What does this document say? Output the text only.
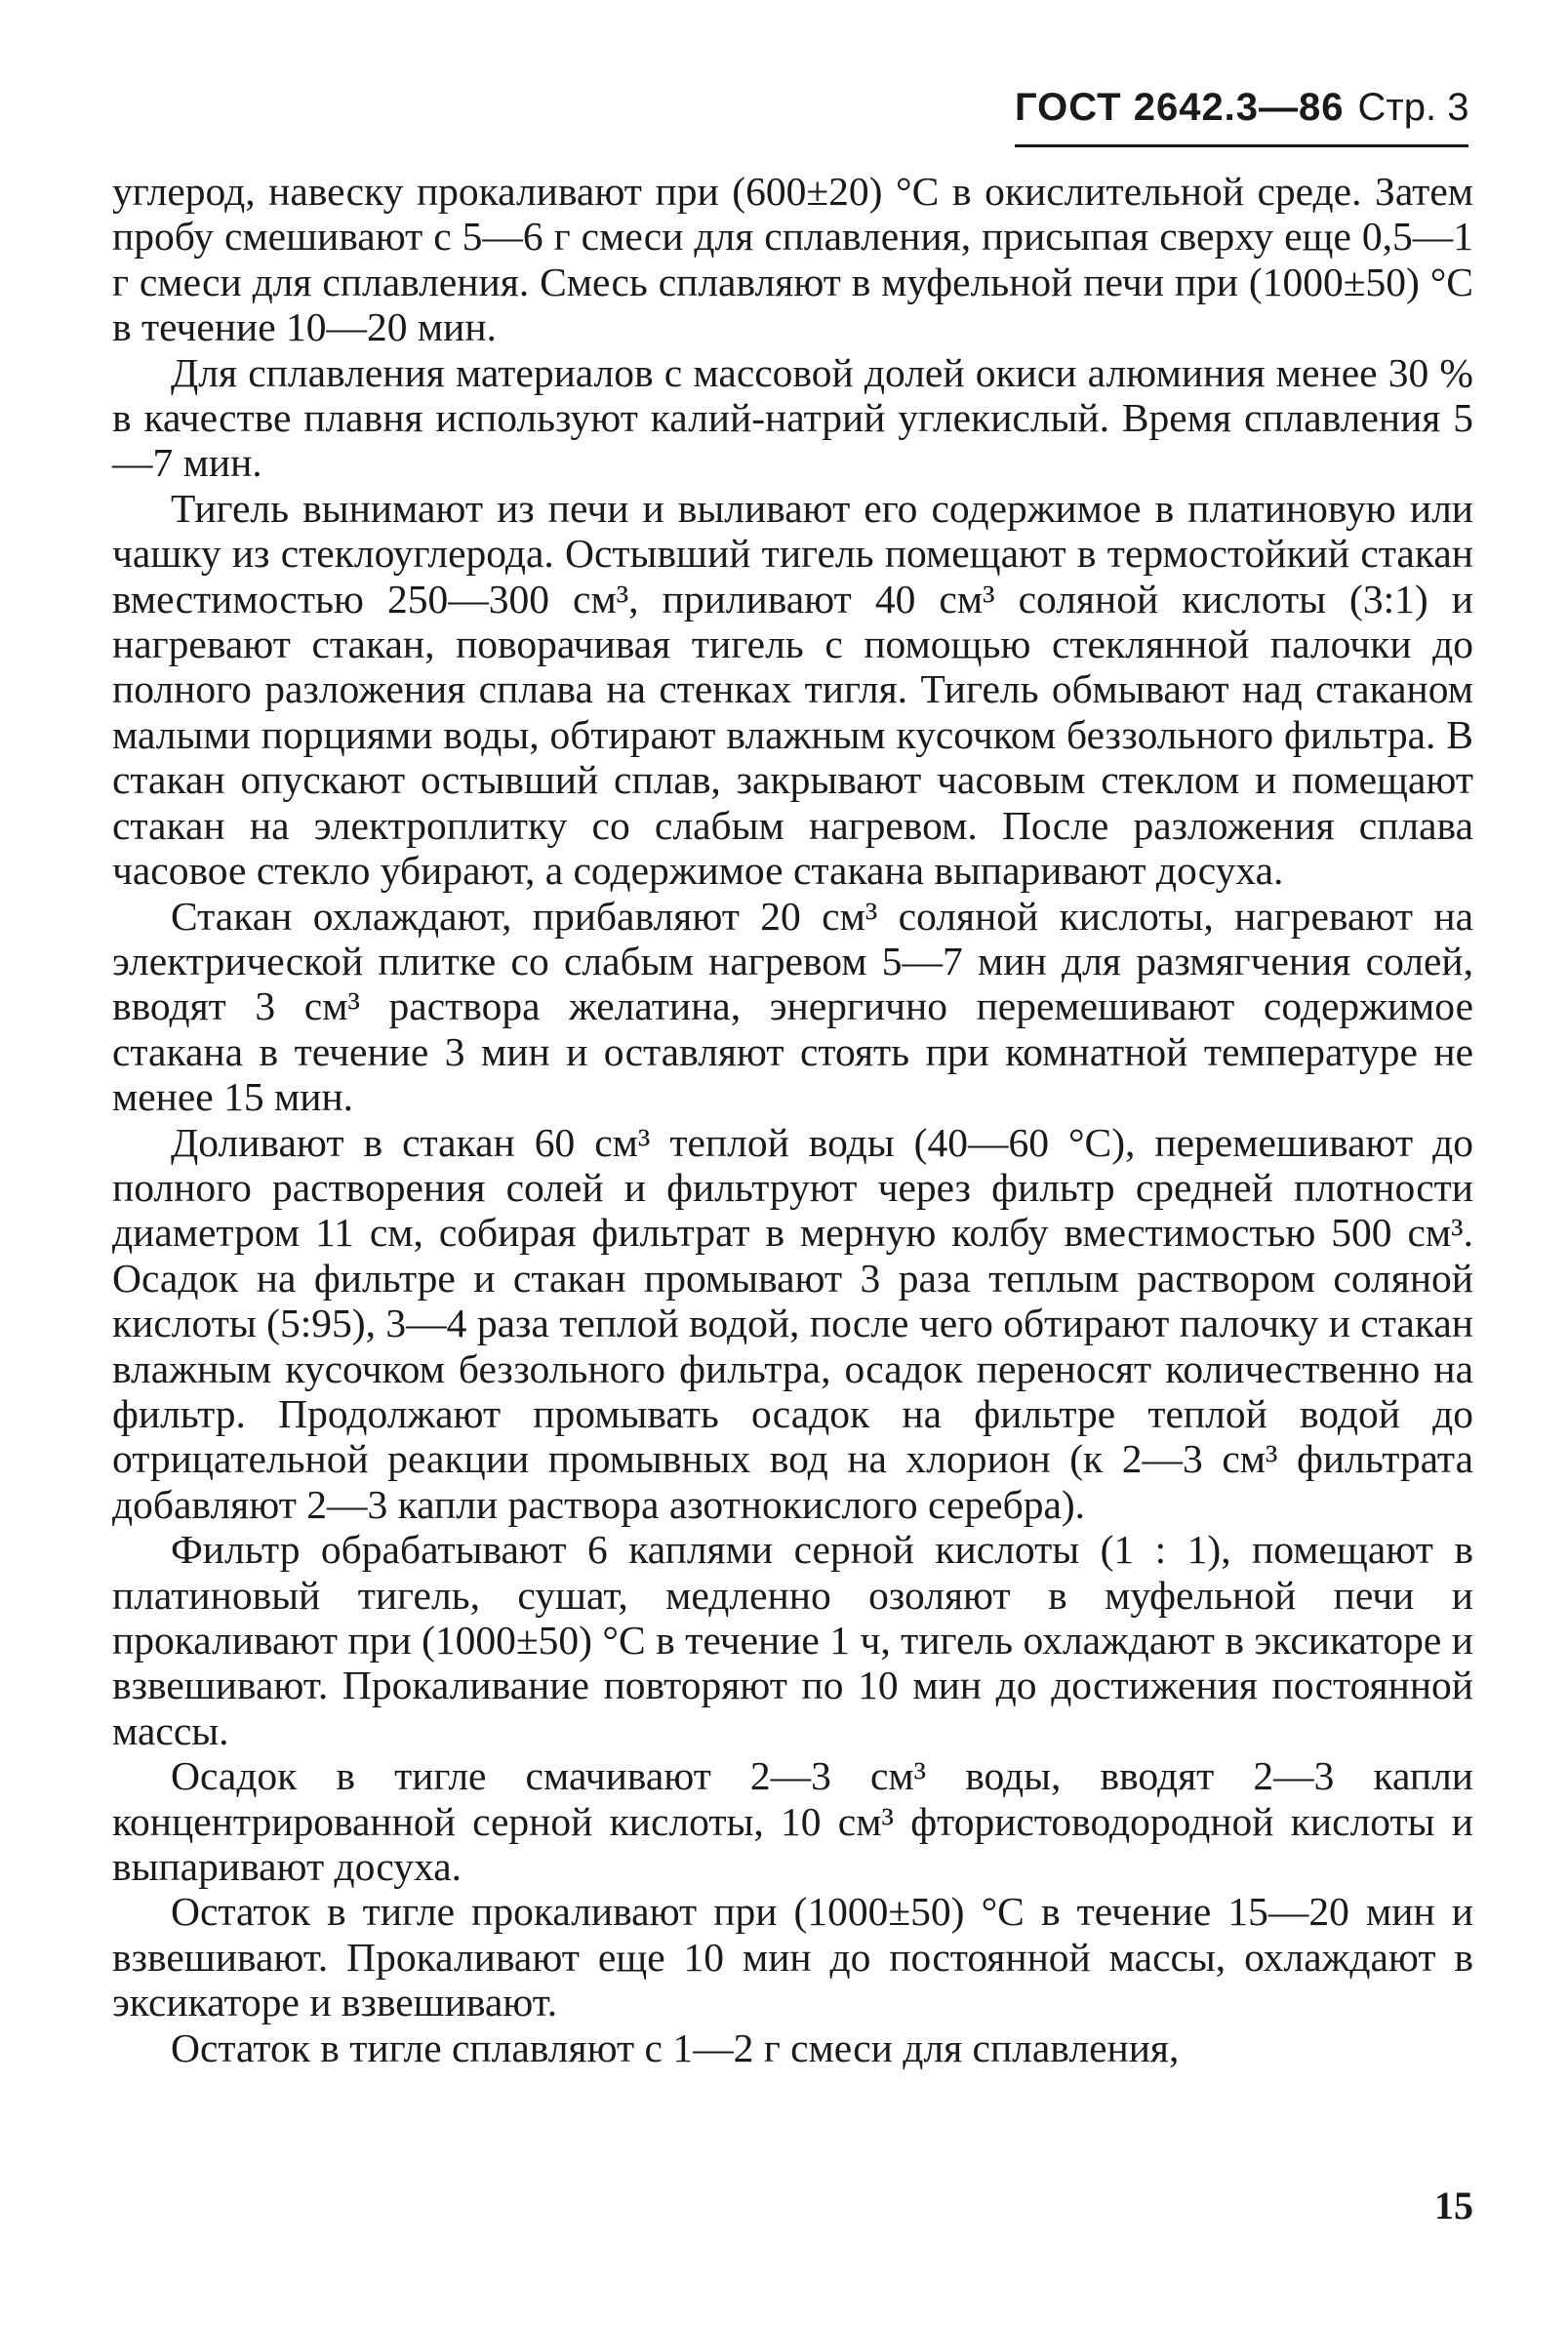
ГОСТ 2642.3—86 Стр. 3

углерод, навеску прокаливают при (600±20) °С в окислительной среде. Затем пробу смешивают с 5—6 г смеси для сплавления, присыпая сверху еще 0,5—1 г смеси для сплавления. Смесь сплавляют в муфельной печи при (1000±50) °С в течение 10—20 мин.

Для сплавления материалов с массовой долей окиси алюминия менее 30 % в качестве плавня используют калий-натрий углекислый. Время сплавления 5—7 мин.

Тигель вынимают из печи и выливают его содержимое в платиновую или чашку из стеклоуглерода. Остывший тигель помещают в термостойкий стакан вместимостью 250—300 см³, приливают 40 см³ соляной кислоты (3:1) и нагревают стакан, поворачивая тигель с помощью стеклянной палочки до полного разложения сплава на стенках тигля. Тигель обмывают над стаканом малыми порциями воды, обтирают влажным кусочком беззольного фильтра. В стакан опускают остывший сплав, закрывают часовым стеклом и помещают стакан на электроплитку со слабым нагревом. После разложения сплава часовое стекло убирают, а содержимое стакана выпаривают досуха.

Стакан охлаждают, прибавляют 20 см³ соляной кислоты, нагревают на электрической плитке со слабым нагревом 5—7 мин для размягчения солей, вводят 3 см³ раствора желатина, энергично перемешивают содержимое стакана в течение 3 мин и оставляют стоять при комнатной температуре не менее 15 мин.

Доливают в стакан 60 см³ теплой воды (40—60 °С), перемешивают до полного растворения солей и фильтруют через фильтр средней плотности диаметром 11 см, собирая фильтрат в мерную колбу вместимостью 500 см³. Осадок на фильтре и стакан промывают 3 раза теплым раствором соляной кислоты (5:95), 3—4 раза теплой водой, после чего обтирают палочку и стакан влажным кусочком беззольного фильтра, осадок переносят количественно на фильтр. Продолжают промывать осадок на фильтре теплой водой до отрицательной реакции промывных вод на хлорион (к 2—3 см³ фильтрата добавляют 2—3 капли раствора азотнокислого серебра).

Фильтр обрабатывают 6 каплями серной кислоты (1 : 1), помещают в платиновый тигель, сушат, медленно озоляют в муфельной печи и прокаливают при (1000±50) °С в течение 1 ч, тигель охлаждают в эксикаторе и взвешивают. Прокаливание повторяют по 10 мин до достижения постоянной массы.

Осадок в тигле смачивают 2—3 см³ воды, вводят 2—3 капли концентрированной серной кислоты, 10 см³ фтористоводородной кислоты и выпаривают досуха.

Остаток в тигле прокаливают при (1000±50) °С в течение 15—20 мин и взвешивают. Прокаливают еще 10 мин до постоянной массы, охлаждают в эксикаторе и взвешивают.

Остаток в тигле сплавляют с 1—2 г смеси для сплавления,

15
